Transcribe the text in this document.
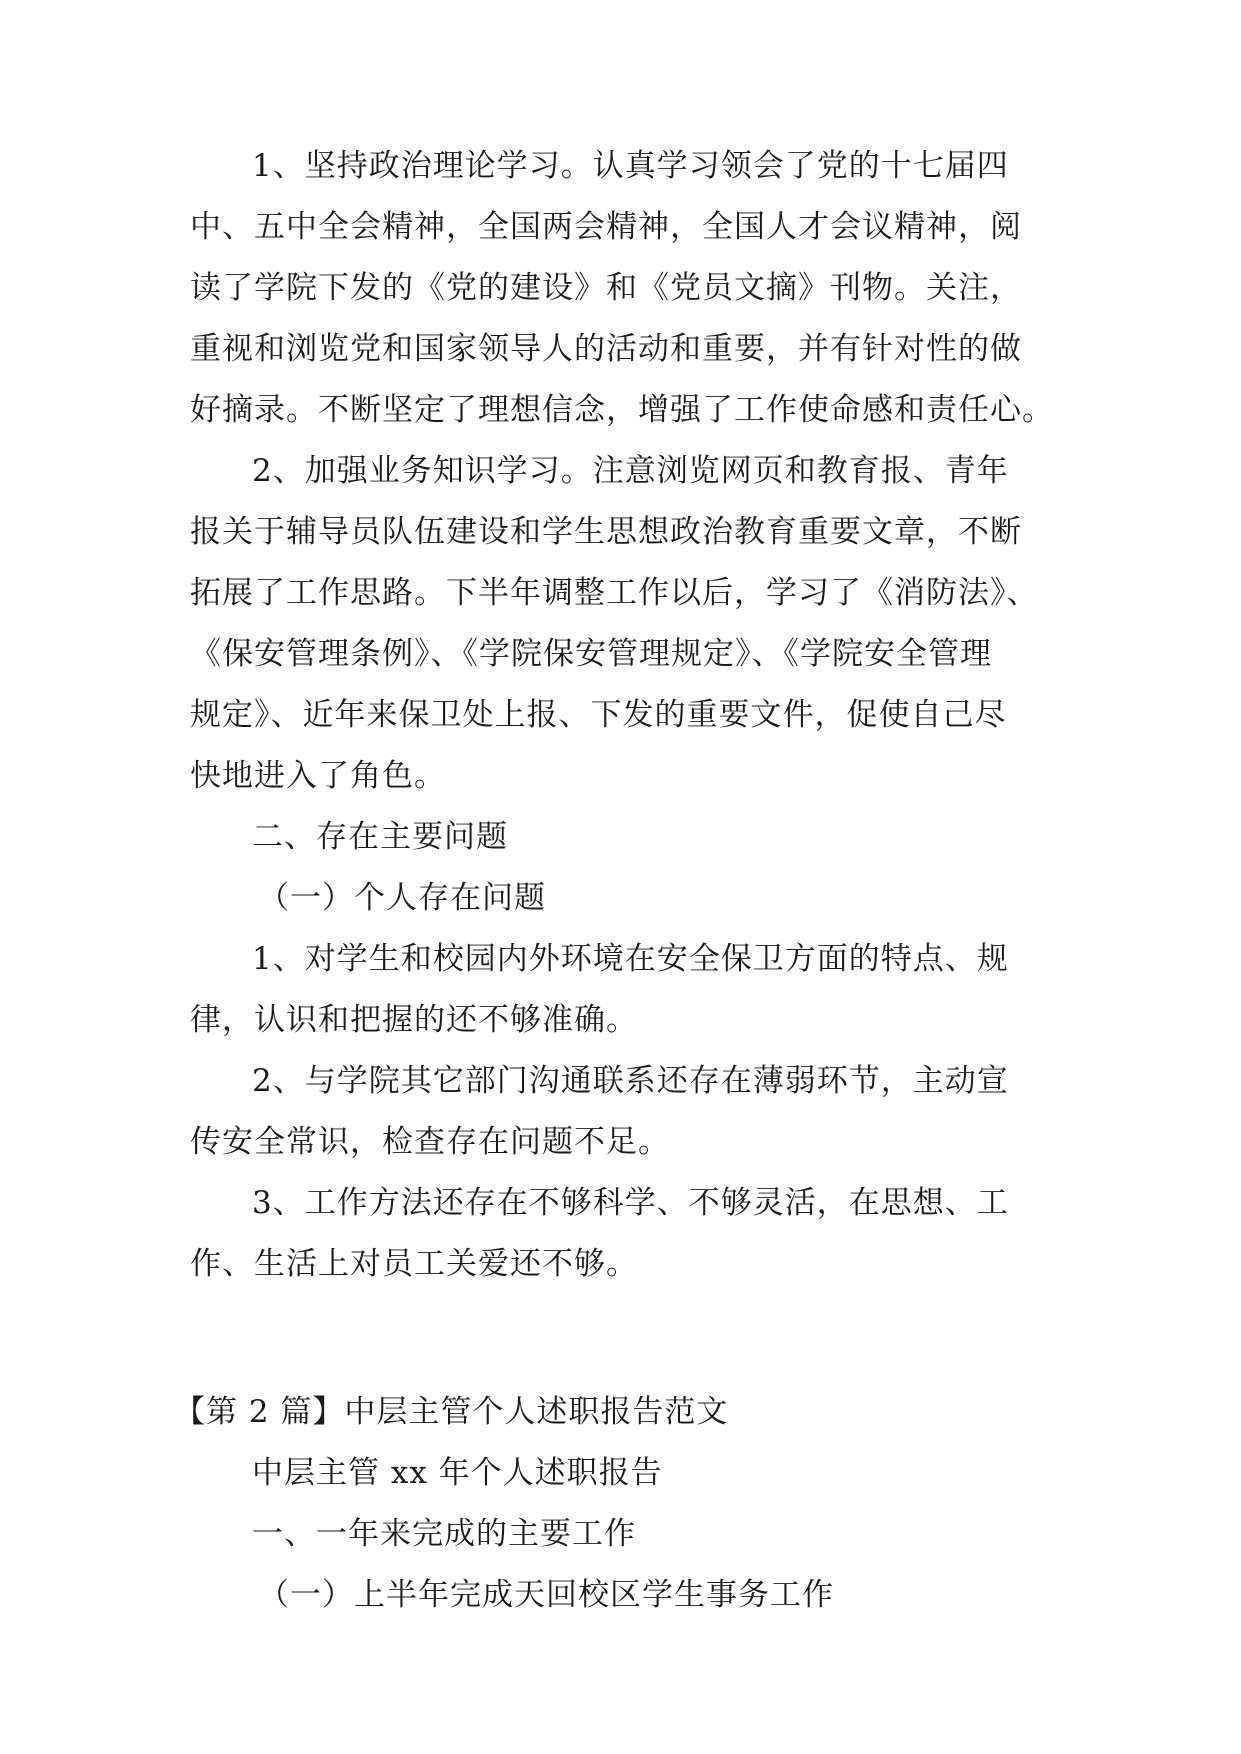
1、坚持政治理论学习。认真学习领会了党的十七届四
中、五中全会精神，全国两会精神，全国人才会议精神，阅
读了学院下发的《党的建设》和《党员文摘》刊物。关注，
重视和浏览党和国家领导人的活动和重要，并有针对性的做
好摘录。不断坚定了理想信念，增强了工作使命感和责任心。
2、加强业务知识学习。注意浏览网页和教育报、青年
报关于辅导员队伍建设和学生思想政治教育重要文章，不断
拓展了工作思路。下半年调整工作以后，学习了《消防法》、
《保安管理条例》、《学院保安管理规定》、《学院安全管理
规定》、近年来保卫处上报、下发的重要文件，促使自己尽
快地进入了角色。
二、存在主要问题
（一）个人存在问题
1、对学生和校园内外环境在安全保卫方面的特点、规
律，认识和把握的还不够准确。
2、与学院其它部门沟通联系还存在薄弱环节，主动宣
传安全常识，检查存在问题不足。
3、工作方法还存在不够科学、不够灵活，在思想、工
作、生活上对员工关爱还不够。
【第 2 篇】中层主管个人述职报告范文
中层主管 xx 年个人述职报告
一、一年来完成的主要工作
（一）上半年完成天回校区学生事务工作
